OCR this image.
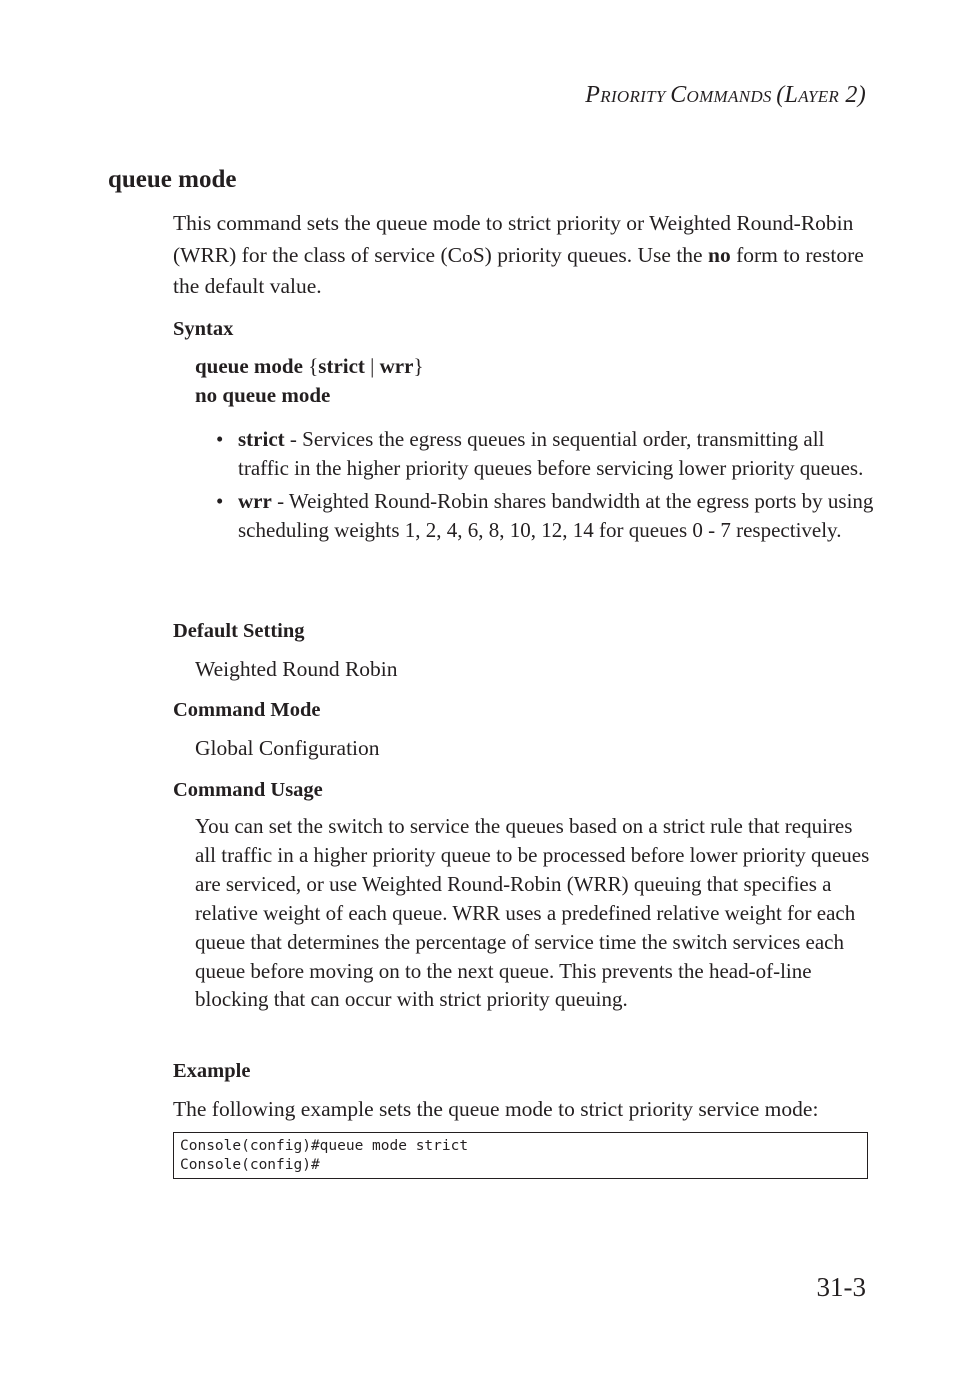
PRIORITY COMMANDS (LAYER 2)
queue mode

This command sets the queue mode to strict priority or Weighted Round-Robin (WRR) for the class of service (CoS) priority queues. Use the no form to restore the default value.

Syntax
queue mode {strict | wrr}
no queue mode
• strict - Services the egress queues in sequential order, transmitting all traffic in the higher priority queues before servicing lower priority queues.
• wrr - Weighted Round-Robin shares bandwidth at the egress ports by using scheduling weights 1, 2, 4, 6, 8, 10, 12, 14 for queues 0 - 7 respectively.
Default Setting

Weighted Round Robin

Command Mode

Global Configuration

Command Usage

You can set the switch to service the queues based on a strict rule that requires all traffic in a higher priority queue to be processed before lower priority queues are serviced, or use Weighted Round-Robin (WRR) queuing that specifies a relative weight of each queue. WRR uses a predefined relative weight for each queue that determines the percentage of service time the switch services each queue before moving on to the next queue. This prevents the head-of-line blocking that can occur with strict priority queuing.

Example

The following example sets the queue mode to strict priority service mode:

Console(config)#queue mode strict
Console(config)#
31-3
